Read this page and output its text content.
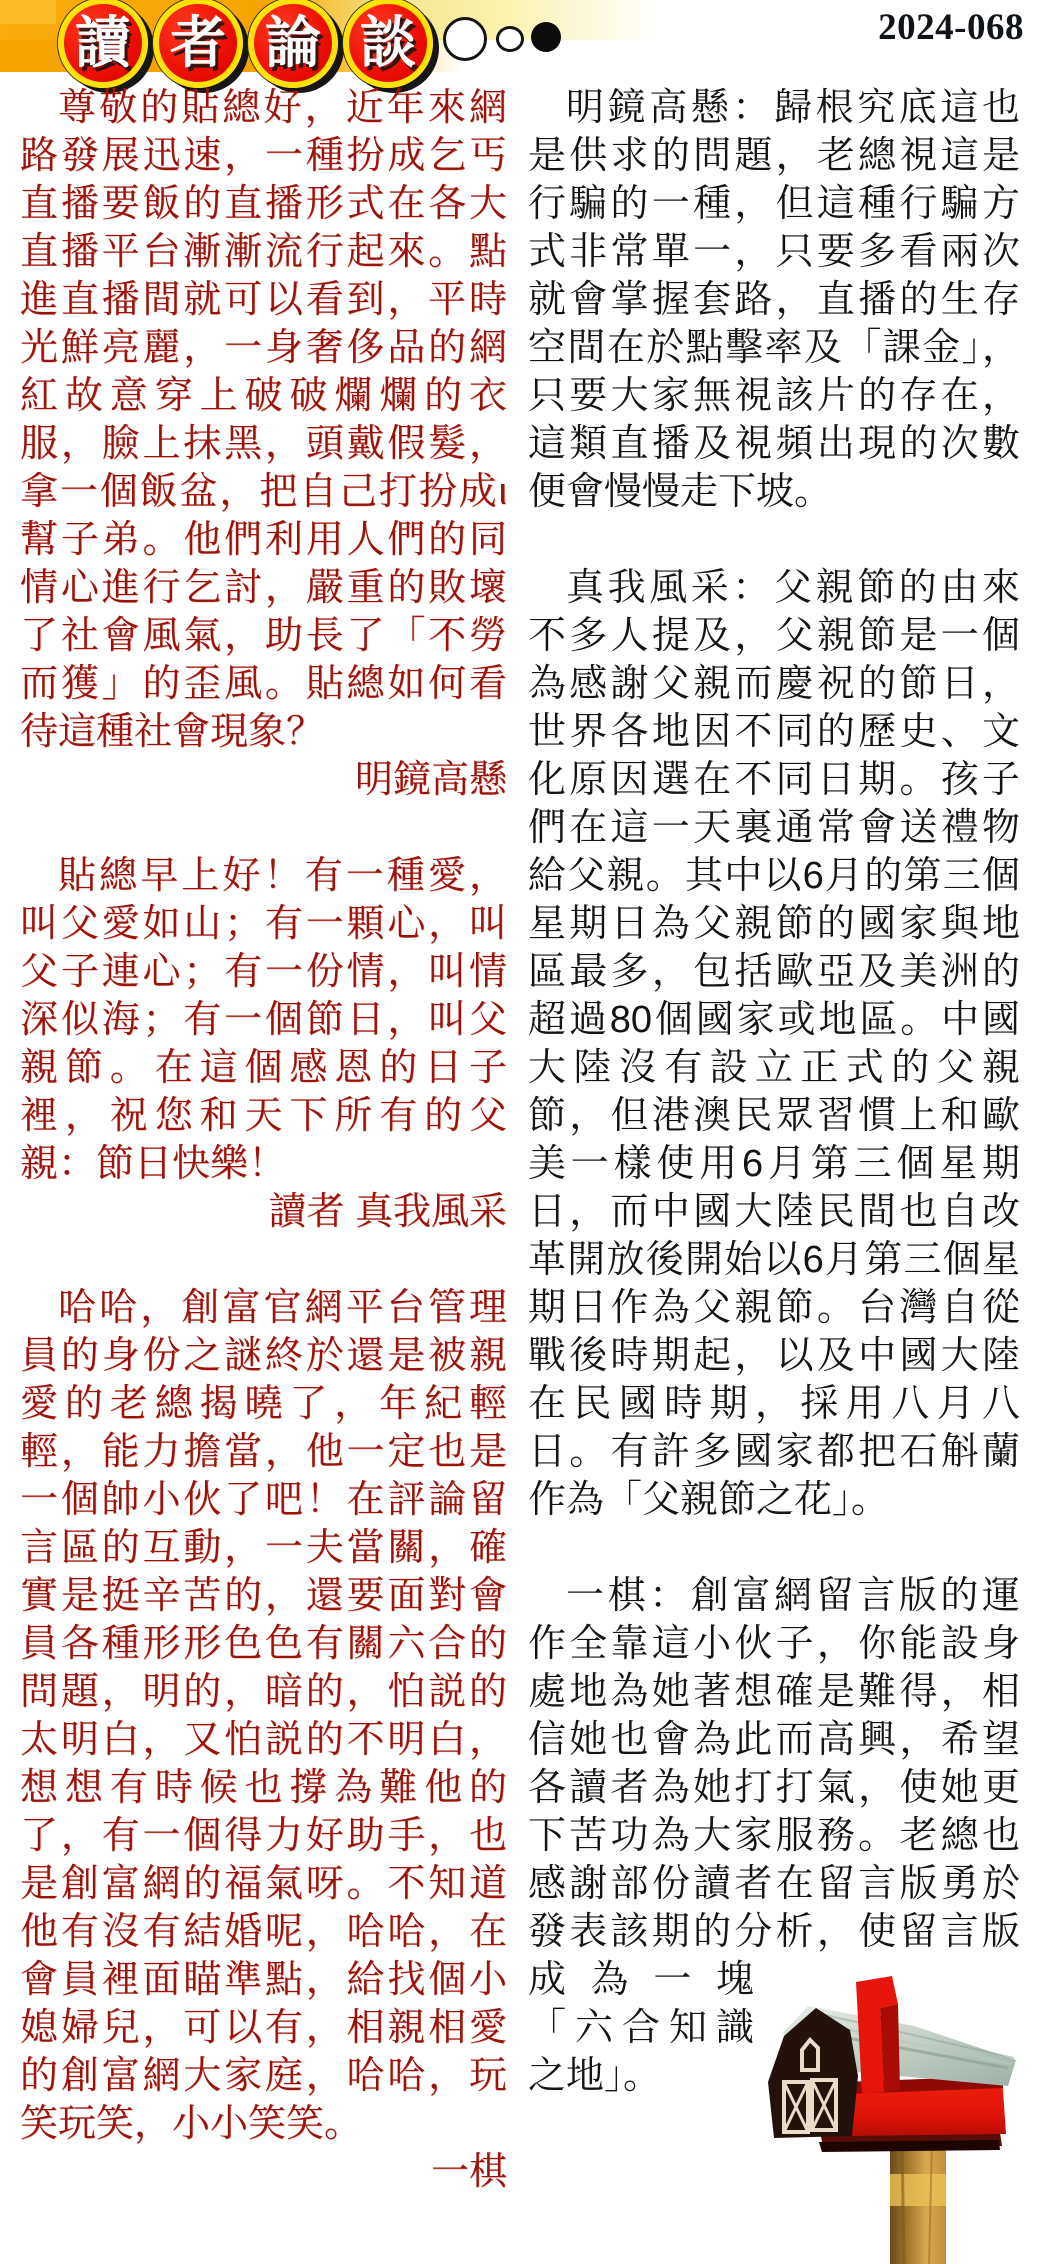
讀 者 論 談	2024-068

尊敬的貼總好，近年來網路發展迅速，一種扮成乞丐直播要飯的直播形式在各大直播平台漸漸流行起來。點進直播間就可以看到，平時光鮮亮麗，一身奢侈品的網紅故意穿上破破爛爛的衣服，臉上抹黑，頭戴假髮，拿一個飯盆，把自己打扮成ι幫子弟。他們利用人們的同情心進行乞討，嚴重的敗壞了社會風氣，助長了「不勞而獲」的歪風。貼總如何看待這種社會現象？

明鏡高懸

貼總早上好！有一種愛，叫父愛如山；有一顆心，叫父子連心；有一份情，叫情深似海；有一個節日，叫父親節。在這個感恩的日子裡，祝您和天下所有的父親：節日快樂！

讀者 真我風采

哈哈，創富官網平台管理員的身份之謎終於還是被親愛的老總揭曉了，年紀輕輕，能力擔當，他一定也是一個帥小伙了吧！在評論留言區的互動，一夫當關，確實是挺辛苦的，還要面對會員各種形形色色有關六合的問題，明的，暗的，怕説的太明白，又怕説的不明白，想想有時候也撐為難他的了，有一個得力好助手，也是創富網的福氣呀。不知道他有沒有結婚呢，哈哈，在會員裡面瞄準點，給找個小媳婦兒，可以有，相親相愛的創富網大家庭，哈哈，玩笑玩笑，小小笑笑。

一棋

明鏡高懸：歸根究底這也是供求的問題，老總視這是行騙的一種，但這種行騙方式非常單一，只要多看兩次就會掌握套路，直播的生存空間在於點擊率及「課金」，只要大家無視該片的存在，這類直播及視頻出現的次數便會慢慢走下坡。

真我風采：父親節的由來不多人提及，父親節是一個為感謝父親而慶祝的節日，世界各地因不同的歷史、文化原因選在不同日期。孩子們在這一天裏通常會送禮物給父親。其中以6月的第三個星期日為父親節的國家與地區最多，包括歐亞及美洲的超過80個國家或地區。中國大陸沒有設立正式的父親節，但港澳民眾習慣上和歐美一樣使用6月第三個星期日，而中國大陸民間也自改革開放後開始以6月第三個星期日作為父親節。台灣自從戰後時期起，以及中國大陸在民國時期，採用八月八日。有許多國家都把石斛蘭作為「父親節之花」。

一棋：創富網留言版的運作全靠這小伙子，你能設身處地為她著想確是難得，相信她也會為此而高興，希望各讀者為她打打氣，使她更下苦功為大家服務。老總也感謝部份讀者在留言版勇於發表該期的分
析，使留言版成為一塊「六合知識之地」。
